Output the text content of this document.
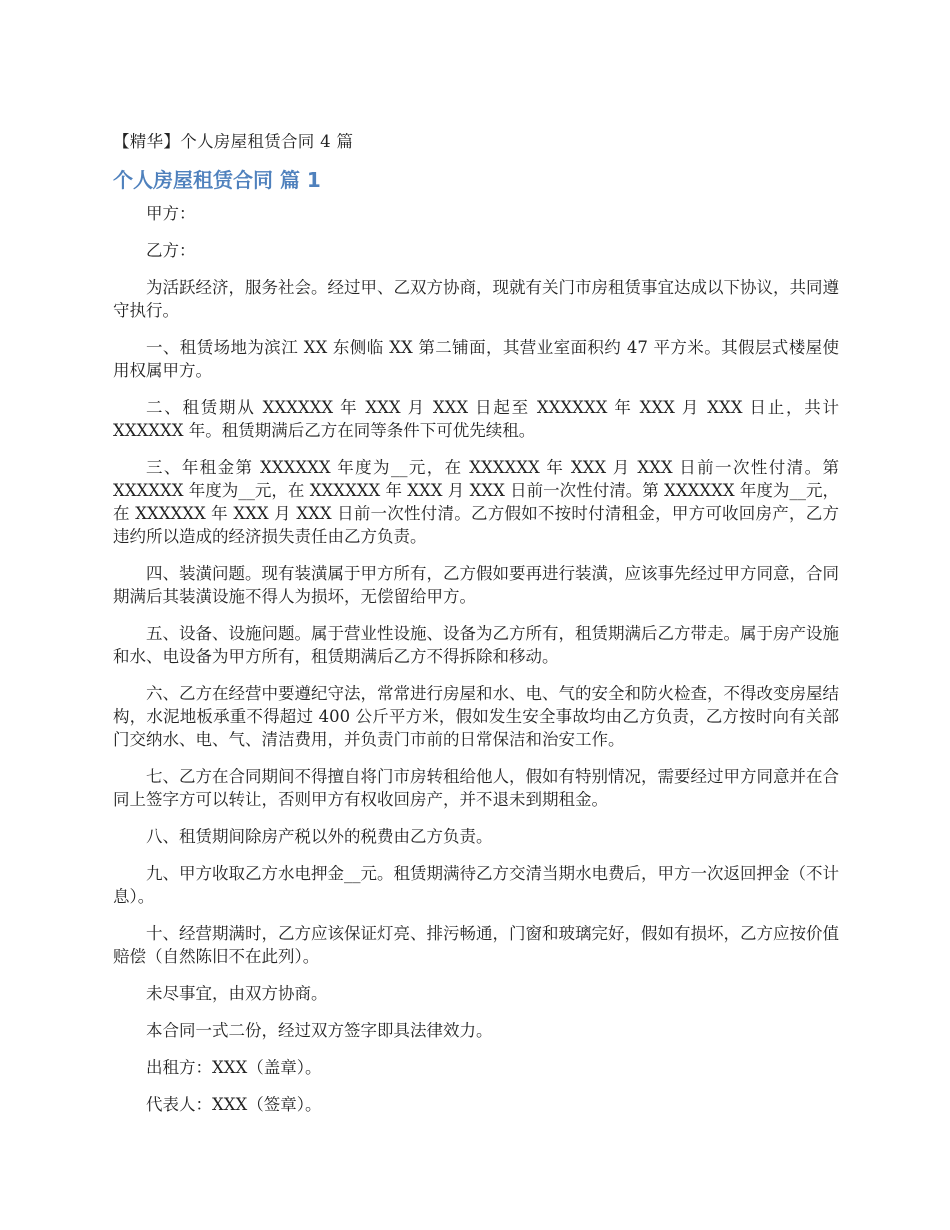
【精华】个人房屋租赁合同 4 篇
个人房屋租赁合同 篇 1

甲方：

乙方：

为活跃经济，服务社会。经过甲、乙双方协商，现就有关门市房租赁事宜达成以下协议，共同遵守执行。

一、租赁场地为滨江 XX 东侧临 XX 第二铺面，其营业室面积约 47 平方米。其假层式楼屋使用权属甲方。

二、租赁期从 XXXXXX 年 XXX 月 XXX 日起至 XXXXXX 年 XXX 月 XXX 日止，共计 XXXXXX 年。租赁期满后乙方在同等条件下可优先续租。

三、年租金第 XXXXXX 年度为__元，在 XXXXXX 年 XXX 月 XXX 日前一次性付清。第 XXXXXX 年度为__元，在 XXXXXX 年 XXX 月 XXX 日前一次性付清。第 XXXXXX 年度为__元，在 XXXXXX 年 XXX 月 XXX 日前一次性付清。乙方假如不按时付清租金，甲方可收回房产，乙方违约所以造成的经济损失责任由乙方负责。

四、装潢问题。现有装潢属于甲方所有，乙方假如要再进行装潢，应该事先经过甲方同意，合同期满后其装潢设施不得人为损坏，无偿留给甲方。

五、设备、设施问题。属于营业性设施、设备为乙方所有，租赁期满后乙方带走。属于房产设施和水、电设备为甲方所有，租赁期满后乙方不得拆除和移动。

六、乙方在经营中要遵纪守法，常常进行房屋和水、电、气的安全和防火检查，不得改变房屋结构，水泥地板承重不得超过 400 公斤平方米，假如发生安全事故均由乙方负责，乙方按时向有关部门交纳水、电、气、清洁费用，并负责门市前的日常保洁和治安工作。

七、乙方在合同期间不得擅自将门市房转租给他人，假如有特别情况，需要经过甲方同意并在合同上签字方可以转让，否则甲方有权收回房产，并不退未到期租金。

八、租赁期间除房产税以外的税费由乙方负责。

九、甲方收取乙方水电押金__元。租赁期满待乙方交清当期水电费后，甲方一次返回押金（不计息）。

十、经营期满时，乙方应该保证灯亮、排污畅通，门窗和玻璃完好，假如有损坏，乙方应按价值赔偿（自然陈旧不在此列）。

未尽事宜，由双方协商。

本合同一式二份，经过双方签字即具法律效力。

出租方：XXX（盖章）。

代表人：XXX（签章）。
